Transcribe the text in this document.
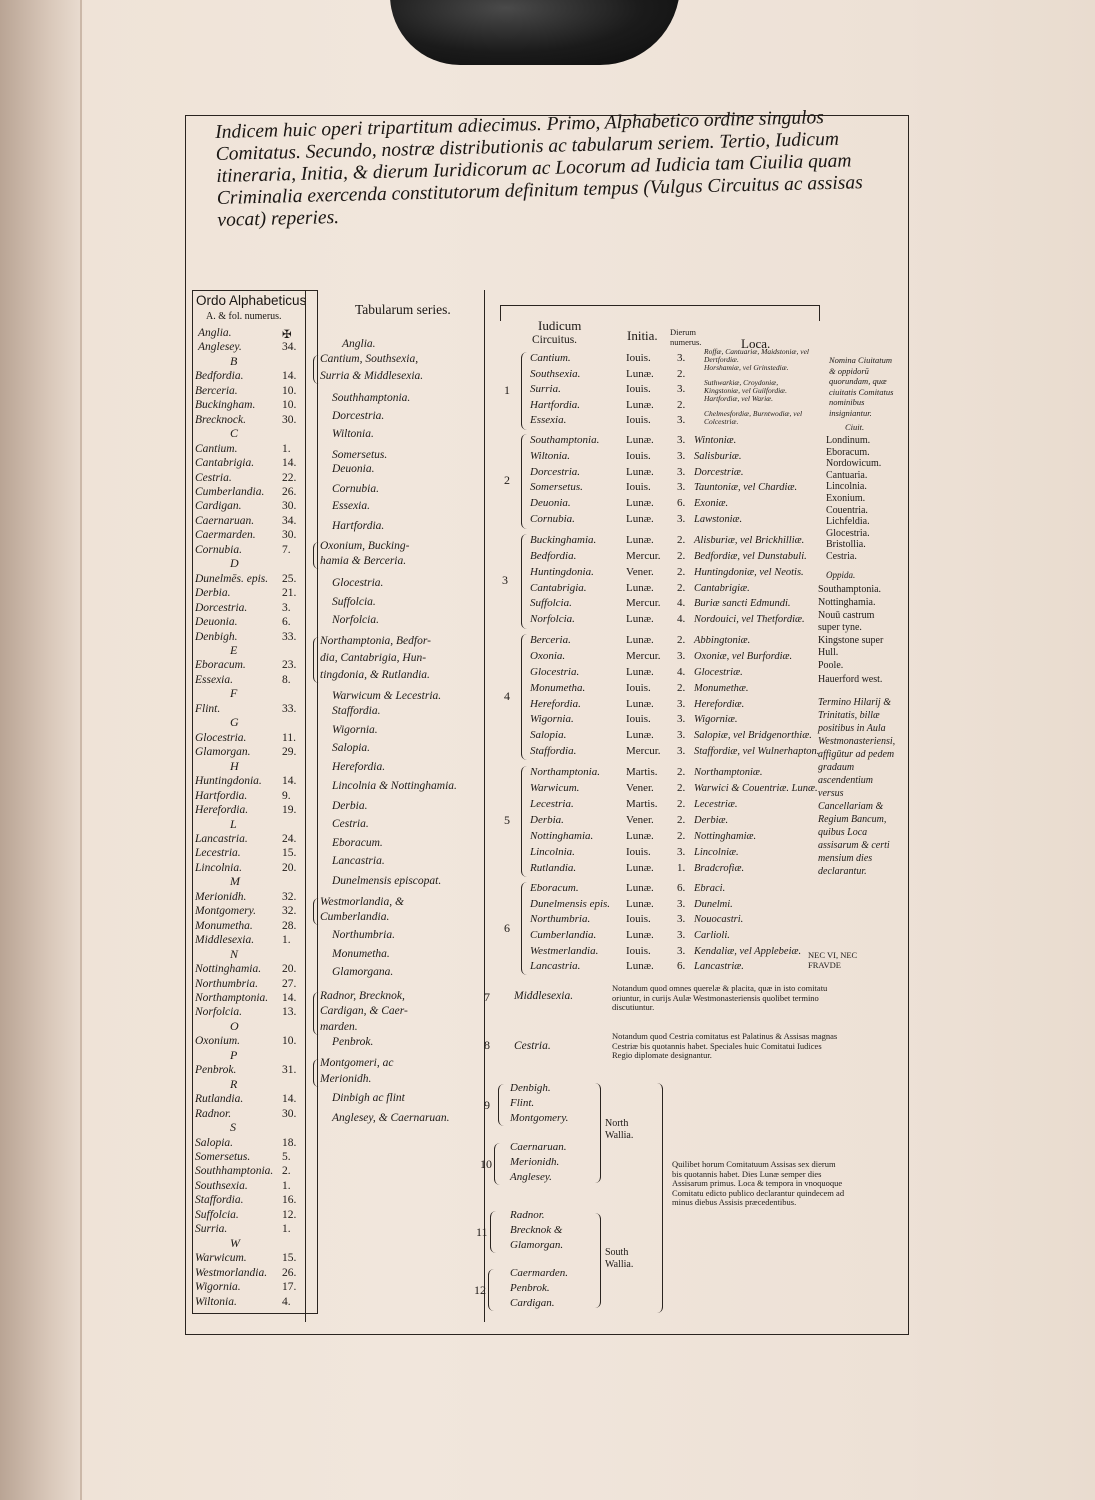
Indicem huic operi tripartitum adiecimus. Primo, Alphabetico ordine singulos Comitatus. Secundo, nostræ distributionis ac tabularum seriem. Tertio, Iudicum itineraria, Initia, & dierum Iuridicorum ac Locorum ad Iudicia tam Ciuilia quam Criminalia exercenda constitutorum definitum tempus (Vulgus Circuitus ac assisas vocat) reperies.
Ordo Alphabeticus
A. & fol. numerus.
Anglia.	✠
Anglesey.	34.
B
Bedfordia.	14.
Berceria.	10.
Buckingham. 10.
Brecknock.	30.
C
Cantium.	1.
Cantabrigia. 14.
Cestria.	22.
Cumberlandia. 26.
Cardigan.	30.
Caernaruan. 34.
Caermarden. 30.
Cornubia.	7.
D
Dunelmēs. epis. 25.
Derbia.	21.
Dorcestria.	3.
Deuonia.	6.
Denbigh.	33.
E
Eboracum.	23.
Essexia.	8.
F
Flint.	33.
G
Glocestria.	11.
Glamorgan.	29.
H
Huntingdonia. 14.
Hartfordia.	9.
Herefordia.	19.
L
Lancastria.	24.
Lecestria.	15.
Lincolnia.	20.
M
Merionidh.	32.
Montgomery. 32.
Monumetha.	28.
Middlesexia. 1.
N
Nottinghamia. 20.
Northumbria. 27.
Northamptonia. 14.
Norfolcia.	13.
O
Oxonium.	10.
P
Penbrok.	31.
R
Rutlandia.	14.
Radnor.	30.
S
Salopia.	18.
Somersetus.	5.
Southhamptonia. 2.
Southsexia.	1.
Staffordia.	16.
Suffolcia.	12.
Surria.	1.
W
Warwicum.	15.
Westmorlandia. 26.
Wigornia.	17.
Wiltonia.	4.
Tabularum series.
Anglia.
Cantium, Southsexia,
Surria & Middlesexia.
Southhamptonia.
Dorcestria.
Wiltonia.
Somersetus.
Deuonia.
Cornubia.
Essexia.
Hartfordia.
Oxonium, Bucking-
hamia & Berceria.
Glocestria.
Suffolcia.
Norfolcia.
Northamptonia, Bedfor-
dia, Cantabrigia, Hun-
tingdonia, & Rutlandia.
Warwicum & Lecestria.
Staffordia.
Wigornia.
Salopia.
Herefordia.
Lincolnia & Nottinghamia.
Derbia.
Cestria.
Eboracum.
Lancastria.
Dunelmensis episcopat.
Westmorlandia, &
Cumberlandia.
Northumbria.
Monumetha.
Glamorgana.
Radnor, Brecknok,
Cardigan, & Caer-
marden.
Penbrok.
Montgomeri, ac
Merionidh.
Dinbigh ac flint
Anglesey, & Caernaruan.
Iudicum
Circuitus.	Initia. Dierum numerus.	Loca.
1
Cantium.	Iouis. 3.
Roffæ, Cantuariæ, Maidstoniæ, vel Dertfordiæ.
Southsexia.	Lunæ. 2.
Horshamiæ, vel Grinstediæ.
Surria.	Iouis. 3.
Suthwarkiæ, Croydoniæ, Kingstoniæ, vel Guilfordiæ.
Hartfordia.	Lunæ. 2.
Hartfordiæ, vel Wariæ.
Essexia.	Iouis. 3.
Chelmesfordiæ, Burntwodiæ, vel Colcestriæ.
2
Southamptonia. Lunæ. 3. Wintoniæ.
Wiltonia.	Iouis. 3. Salisburiæ.
Dorcestria.	Lunæ. 3. Dorcestriæ.
Somersetus.	Iouis. 3. Tauntoniæ, vel Chardiæ.
Deuonia.	Lunæ. 6. Exoniæ.
Cornubia.	Lunæ. 3. Lawstoniæ.
3
Buckinghamia.	Lunæ. 2. Alisburiæ, vel Brickhilliæ.
Bedfordia.	Mercur. 2. Bedfordiæ, vel Dunstabuli.
Huntingdonia.	Vener. 2. Huntingdoniæ, vel Neotis.
Cantabrigia.	Lunæ. 2. Cantabrigiæ.
Suffolcia.	Mercur. 4. Buriæ sancti Edmundi.
Norfolcia.	Lunæ. 4. Nordouici, vel Thetfordiæ.
4
Berceria.	Lunæ. 2. Abbingtoniæ.
Oxonia.	Mercur. 3. Oxoniæ, vel Burfordiæ.
Glocestria.	Lunæ. 4. Glocestriæ.
Monumetha.	Iouis. 2. Monumethæ.
Herefordia.	Lunæ. 3. Herefordiæ.
Wigornia.	Iouis. 3. Wigorniæ.
Salopia.	Lunæ. 3. Salopiæ, vel Bridgenorthiæ.
Staffordia.	Mercur. 3. Staffordiæ, vel Wulnerhapton.
5
Northamptonia. Martis. 2. Northamptoniæ.
Warwicum.	Vener. 2. Warwici & Couentriæ. Lunæ.
Lecestria.	Martis. 2. Lecestriæ.
Derbia.	Vener. 2. Derbiæ.
Nottinghamia.	Lunæ. 2. Nottinghamiæ.
Lincolnia.	Iouis. 3. Lincolniæ.
Rutlandia.	Lunæ. 1. Bradcrofiæ.
6
Eboracum.	Lunæ. 6. Ebraci.
Dunelmensis epis. Lunæ. 3. Dunelmi.
Northumbria.	Iouis. 3. Nouocastri.
Cumberlandia.	Lunæ. 3. Carlioli.
Westmerlandia.	Iouis. 3. Kendaliæ, vel Applebeiæ.
Lancastria.	Lunæ. 6. Lancastriæ.
7 Middlesexia.
Notandum quod omnes querelæ & placita, quæ in isto comitatu oriuntur, in curijs Aulæ Westmonasteriensis quolibet termino discutiuntur.
8 Cestria.
Notandum quod Cestria comitatus est Palatinus & Assisas magnas Cestriæ bis quotannis habet. Speciales huic Comitatui Iudices Regio diplomate designantur.
9
Denbigh.
Flint.
Montgomery.
10
Caernaruan.
Merionidh.
Anglesey.
11
Radnor.
Brecknok &
Glamorgan.
12
Caermarden.
Penbrok.
Cardigan.
North Wallia.
South Wallia.
Quilibet horum Comitatuum Assisas sex dierum bis quotannis habet. Dies Lunæ semper dies Assisarum primus. Loca & tempora in vnoquoque Comitatu edicto publico declarantur quindecem ad minus diebus Assisis præcedentibus.
Nomina Ciuitatum & oppidorū quorundam, quæ ciuitatis Comitatus nominibus insigniantur.
Ciuit.
Londinum.
Eboracum.
Nordowicum.
Cantuaria.
Lincolnia.
Exonium.
Couentria.
Lichfeldia.
Glocestria.
Bristollia.
Cestria.
Oppida.
Southamptonia.
Nottinghamia.
Nouū castrum super tyne.
Kingstone super Hull.
Poole.
Hauerford west.
Termino Hilarij & Trinitatis, billæ positibus in Aula Westmonasteriensi, affigūtur ad pedem gradaum ascendentium versus Cancellariam & Regium Bancum, quibus Loca assisarum & certi mensium dies declarantur.
NEC VI, NEC FRAVDE
